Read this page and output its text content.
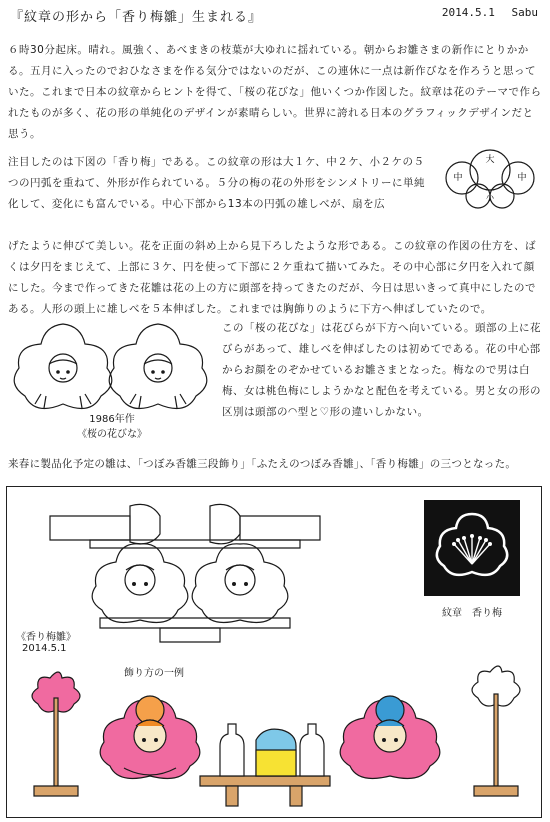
『紋章の形から「香り梅雛」生まれる』	2014.5.1 Sabu
６時30分起床。晴れ。風強く、あべまきの枝葉が大ゆれに揺れている。朝からお雛さまの新作にとりかかる。五月に入ったのでおひなさまを作る気分ではないのだが、この連休に一点は新作びなを作ろうと思っていた。これまで日本の紋章からヒントを得て、「桜の花びな」他いくつか作図した。紋章は花のテーマで作られたものが多く、花の形の単純化のデザインが素晴らしい。世界に誇れる日本のグラフィックデザインだと思う。
大
中	中
小
注目したのは下図の「香り梅」である。この紋章の形は大１ケ、中２ケ、小２ケの５つの円弧を重ねて、外形が作られている。５分の梅の花の外形をシンメトリーに単純化して、変化にも富んでいる。中心下部から13本の円弧の雄しべが、扇を広
げたように伸びて美しい。花を正面の斜め上から見下ろしたような形である。この紋章の作図の仕方を、ばくは夕円をまじえて、上部に３ケ、円を使って下部に２ケ重ねて描いてみた。その中心部に夕円を入れて顔にした。今まで作ってきた花雛は花の上の方に頭部を持ってきたのだが、今日は思いきって真中にしたのである。人形の頭上に雄しべを５本伸ばした。これまでは胸飾りのように下方へ伸ばしていたので。
1986年作
《桜の花びな》
この「桜の花びな」は花びらが下方へ向いている。頭部の上に花びらがあって、雄しべを伸ばしたのは初めてである。花の中心部からお顔をのぞかせているお雛さまとなった。梅なので男は白梅、女は桃色梅にしようかなと配色を考えている。男と女の形の区別は頭部の◠型と♡形の違いしかない。
来春に製品化予定の雛は、「つぼみ香雛三段飾り」「ふたえのつぼみ香雛」、「香り梅雛」の三つとなった。
《香り梅雛》
2014.5.1
紋章　香り梅
飾り方の一例
